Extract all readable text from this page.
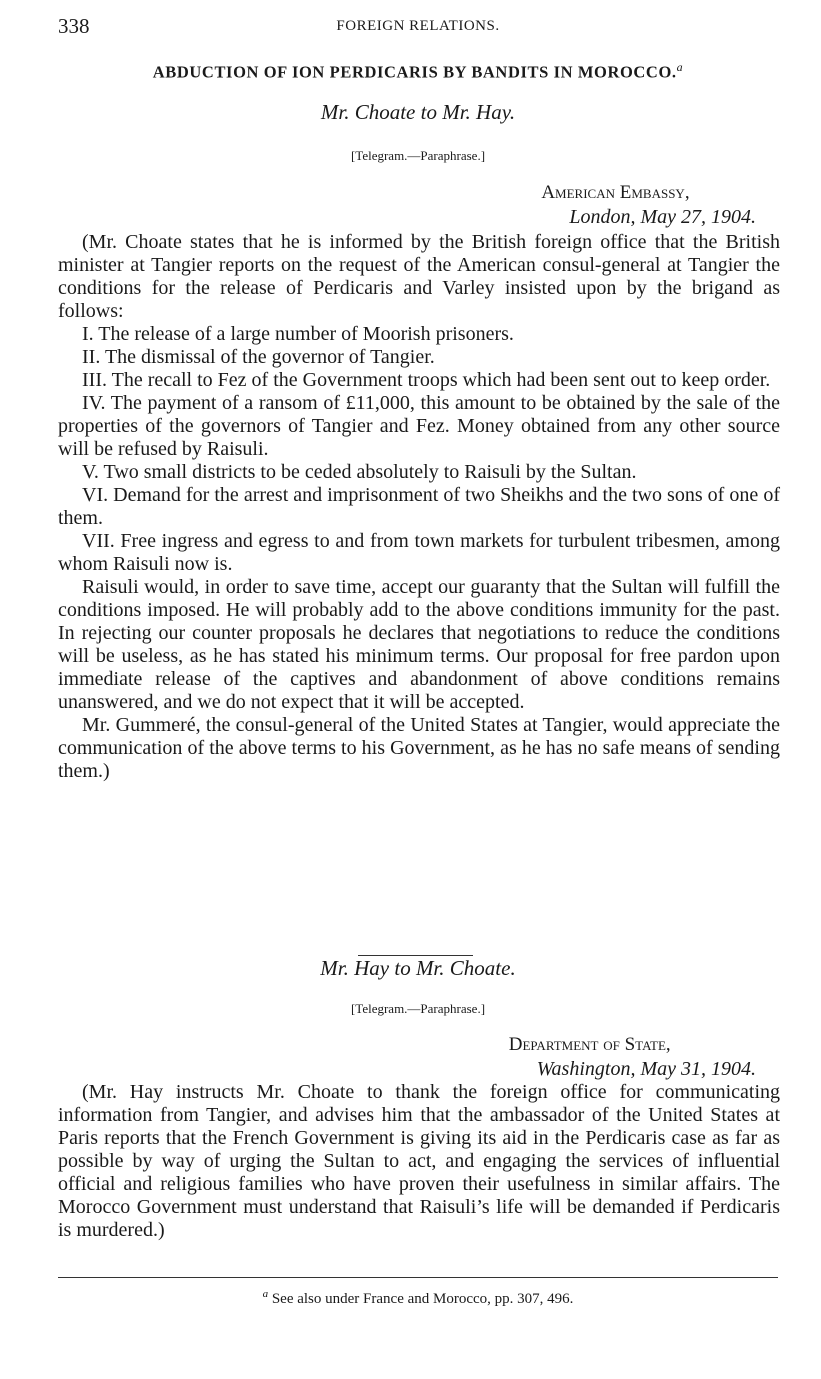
338	FOREIGN RELATIONS.
ABDUCTION OF ION PERDICARIS BY BANDITS IN MOROCCO.$^a$
Mr. Choate to Mr. Hay.
[Telegram.—Paraphrase.]
American Embassy,
London, May 27, 1904.

(Mr. Choate states that he is informed by the British foreign office that the British minister at Tangier reports on the request of the American consul-general at Tangier the conditions for the release of Perdicaris and Varley insisted upon by the brigand as follows:

I. The release of a large number of Moorish prisoners.

II. The dismissal of the governor of Tangier.

III. The recall to Fez of the Government troops which had been sent out to keep order.

IV. The payment of a ransom of £11,000, this amount to be obtained by the sale of the properties of the governors of Tangier and Fez. Money obtained from any other source will be refused by Raisuli.

V. Two small districts to be ceded absolutely to Raisuli by the Sultan.

VI. Demand for the arrest and imprisonment of two Sheikhs and the two sons of one of them.

VII. Free ingress and egress to and from town markets for turbulent tribesmen, among whom Raisuli now is.

Raisuli would, in order to save time, accept our guaranty that the Sultan will fulfill the conditions imposed. He will probably add to the above conditions immunity for the past. In rejecting our counter proposals he declares that negotiations to reduce the conditions will be useless, as he has stated his minimum terms. Our proposal for free pardon upon immediate release of the captives and abandonment of above conditions remains unanswered, and we do not expect that it will be accepted.

Mr. Gummeré, the consul-general of the United States at Tangier, would appreciate the communication of the above terms to his Government, as he has no safe means of sending them.)

Mr. Hay to Mr. Choate.
[Telegram.—Paraphrase.]
Department of State,
Washington, May 31, 1904.

(Mr. Hay instructs Mr. Choate to thank the foreign office for communicating information from Tangier, and advises him that the ambassador of the United States at Paris reports that the French Government is giving its aid in the Perdicaris case as far as possible by way of urging the Sultan to act, and engaging the services of influential official and religious families who have proven their usefulness in similar affairs. The Morocco Government must understand that Raisuli’s life will be demanded if Perdicaris is murdered.)

$^a$ See also under France and Morocco, pp. 307, 496.
